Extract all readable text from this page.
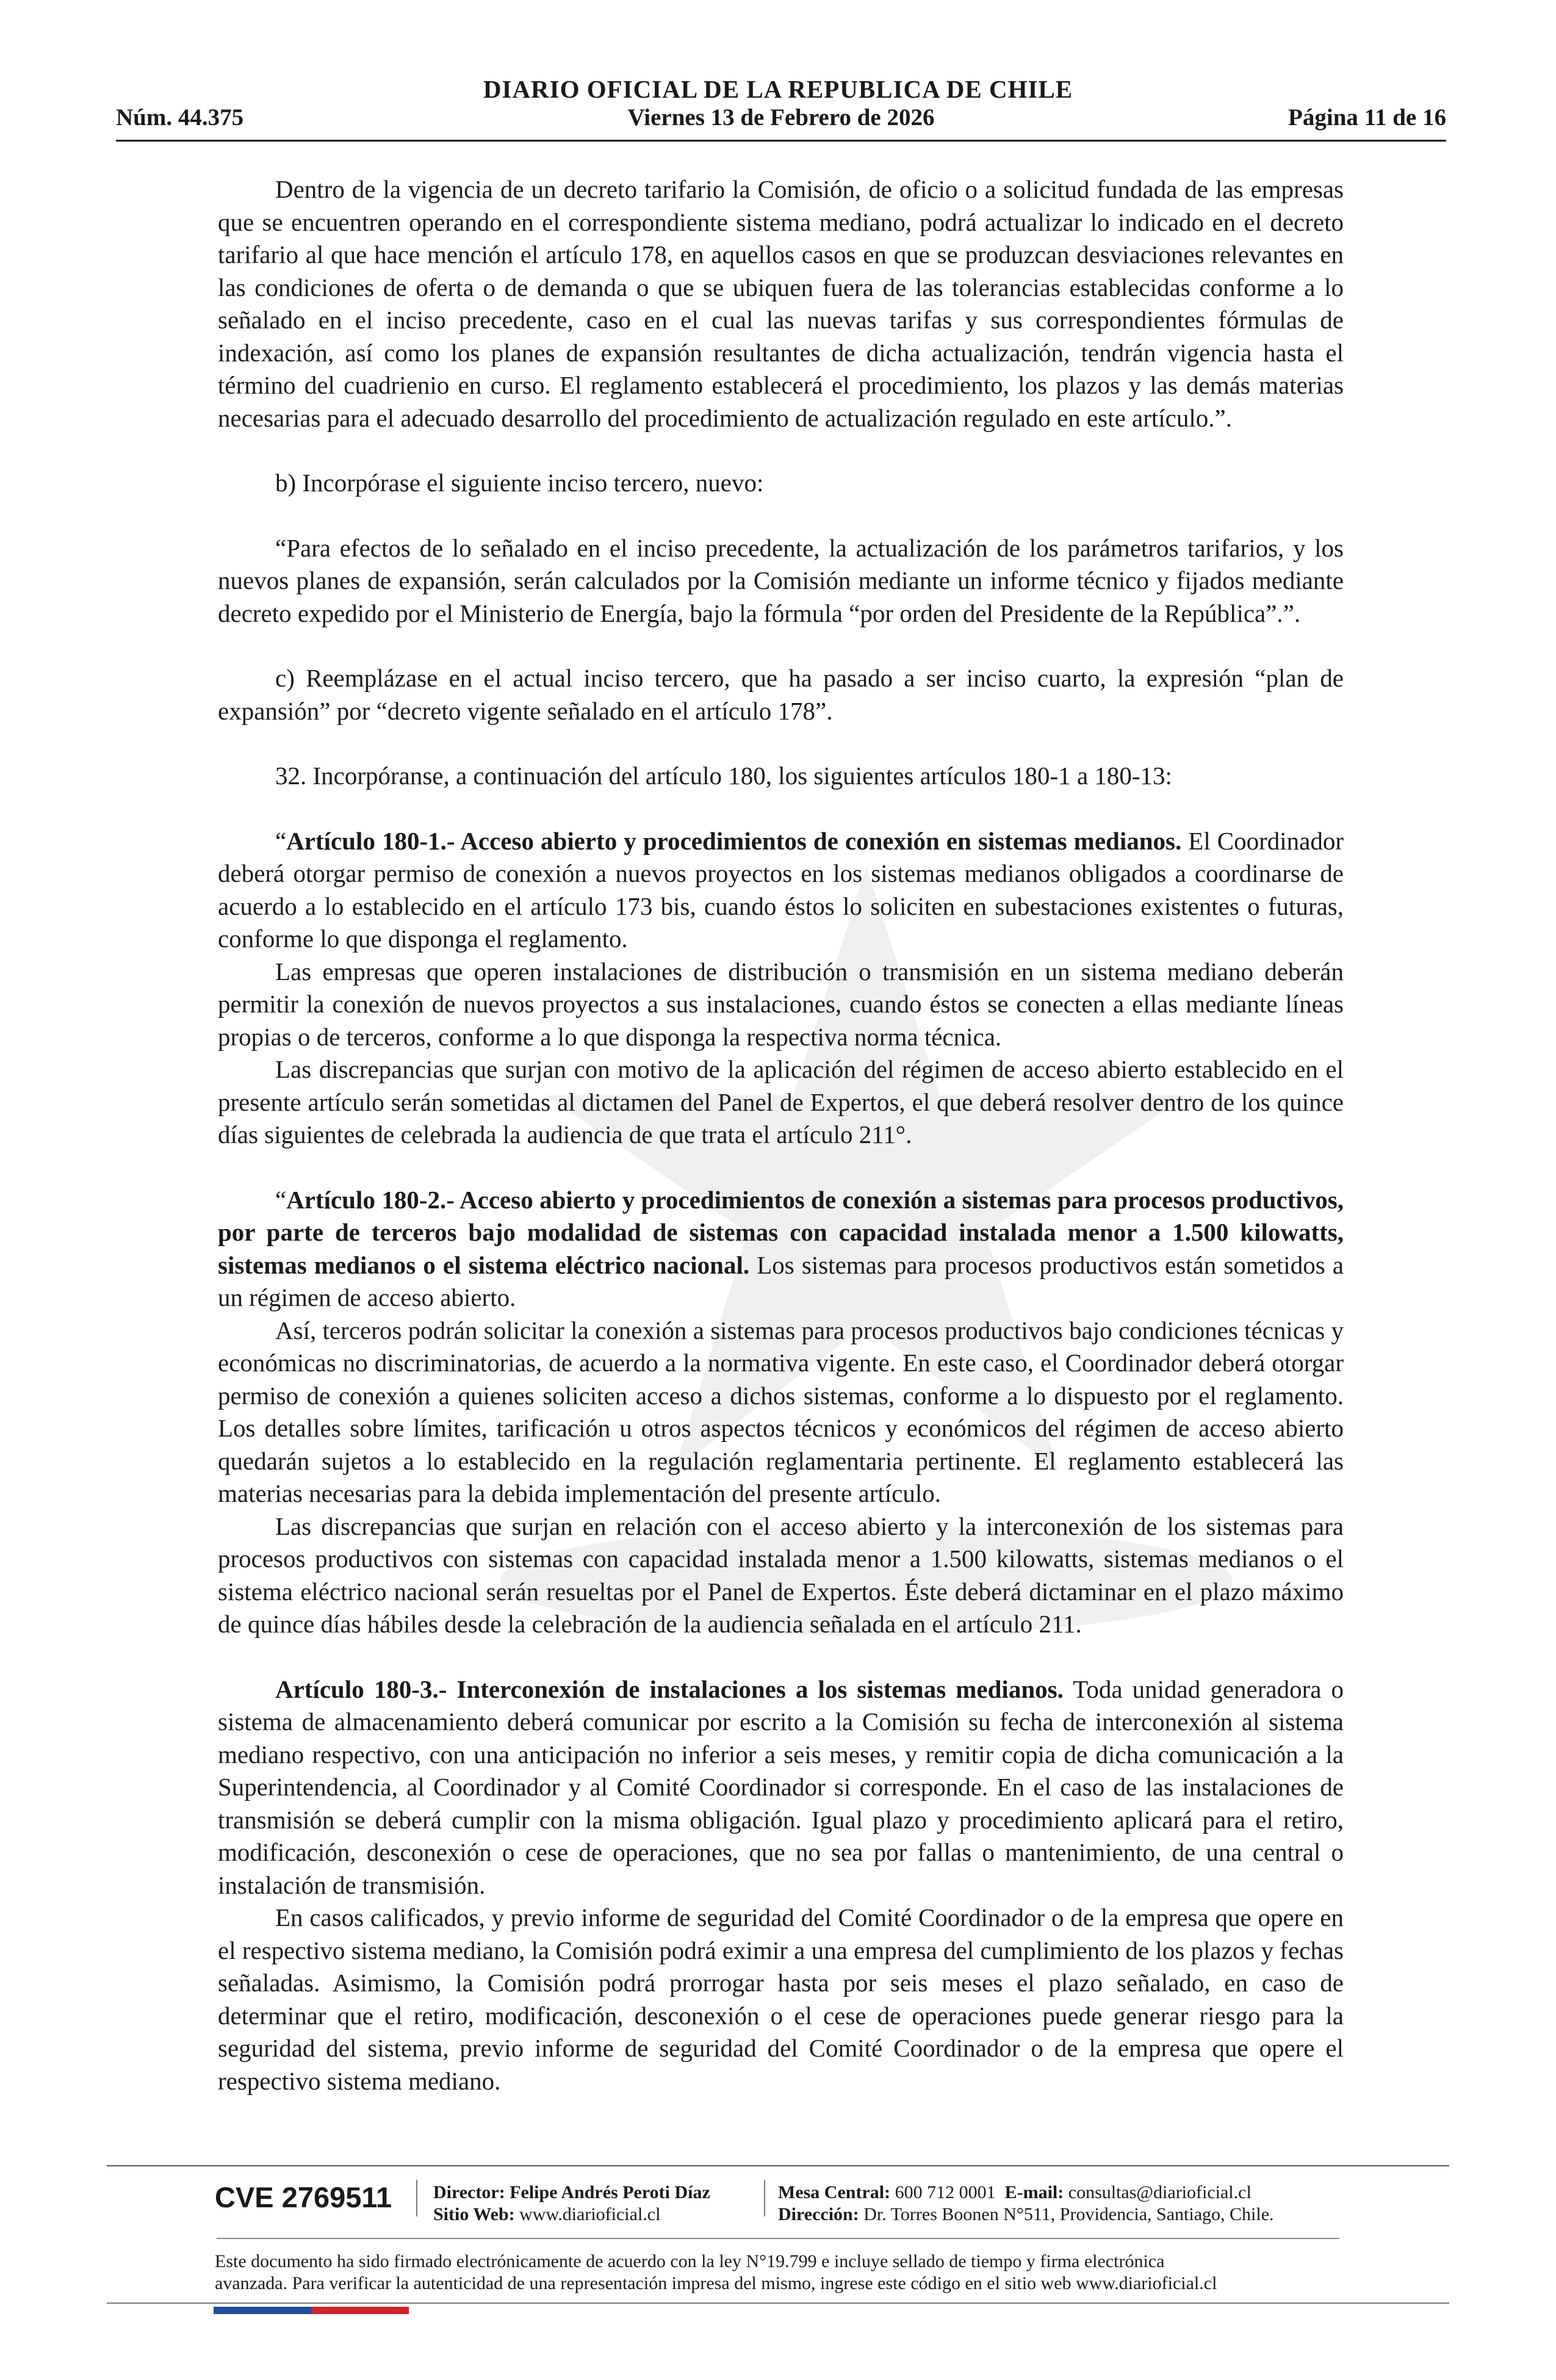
DIARIO OFICIAL DE LA REPUBLICA DE CHILE
Núm. 44.375	Viernes 13 de Febrero de 2026	Página 11 de 16

Dentro de la vigencia de un decreto tarifario la Comisión, de oficio o a solicitud fundada de las empresas que se encuentren operando en el correspondiente sistema mediano, podrá actualizar lo indicado en el decreto tarifario al que hace mención el artículo 178, en aquellos casos en que se produzcan desviaciones relevantes en las condiciones de oferta o de demanda o que se ubiquen fuera de las tolerancias establecidas conforme a lo señalado en el inciso precedente, caso en el cual las nuevas tarifas y sus correspondientes fórmulas de indexación, así como los planes de expansión resultantes de dicha actualización, tendrán vigencia hasta el término del cuadrienio en curso. El reglamento establecerá el procedimiento, los plazos y las demás materias necesarias para el adecuado desarrollo del procedimiento de actualización regulado en este artículo.”.

b) Incorpórase el siguiente inciso tercero, nuevo:

“Para efectos de lo señalado en el inciso precedente, la actualización de los parámetros tarifarios, y los nuevos planes de expansión, serán calculados por la Comisión mediante un informe técnico y fijados mediante decreto expedido por el Ministerio de Energía, bajo la fórmula “por orden del Presidente de la República”.”.

c) Reemplázase en el actual inciso tercero, que ha pasado a ser inciso cuarto, la expresión “plan de expansión” por “decreto vigente señalado en el artículo 178”.

32. Incorpóranse, a continuación del artículo 180, los siguientes artículos 180-1 a 180-13:

“Artículo 180-1.- Acceso abierto y procedimientos de conexión en sistemas medianos. El Coordinador deberá otorgar permiso de conexión a nuevos proyectos en los sistemas medianos obligados a coordinarse de acuerdo a lo establecido en el artículo 173 bis, cuando éstos lo soliciten en subestaciones existentes o futuras, conforme lo que disponga el reglamento.

Las empresas que operen instalaciones de distribución o transmisión en un sistema mediano deberán permitir la conexión de nuevos proyectos a sus instalaciones, cuando éstos se conecten a ellas mediante líneas propias o de terceros, conforme a lo que disponga la respectiva norma técnica.

Las discrepancias que surjan con motivo de la aplicación del régimen de acceso abierto establecido en el presente artículo serán sometidas al dictamen del Panel de Expertos, el que deberá resolver dentro de los quince días siguientes de celebrada la audiencia de que trata el artículo 211°.

“Artículo 180-2.- Acceso abierto y procedimientos de conexión a sistemas para procesos productivos, por parte de terceros bajo modalidad de sistemas con capacidad instalada menor a 1.500 kilowatts, sistemas medianos o el sistema eléctrico nacional. Los sistemas para procesos productivos están sometidos a un régimen de acceso abierto.

Así, terceros podrán solicitar la conexión a sistemas para procesos productivos bajo condiciones técnicas y económicas no discriminatorias, de acuerdo a la normativa vigente. En este caso, el Coordinador deberá otorgar permiso de conexión a quienes soliciten acceso a dichos sistemas, conforme a lo dispuesto por el reglamento. Los detalles sobre límites, tarificación u otros aspectos técnicos y económicos del régimen de acceso abierto quedarán sujetos a lo establecido en la regulación reglamentaria pertinente. El reglamento establecerá las materias necesarias para la debida implementación del presente artículo.

Las discrepancias que surjan en relación con el acceso abierto y la interconexión de los sistemas para procesos productivos con sistemas con capacidad instalada menor a 1.500 kilowatts, sistemas medianos o el sistema eléctrico nacional serán resueltas por el Panel de Expertos. Éste deberá dictaminar en el plazo máximo de quince días hábiles desde la celebración de la audiencia señalada en el artículo 211.

Artículo 180-3.- Interconexión de instalaciones a los sistemas medianos. Toda unidad generadora o sistema de almacenamiento deberá comunicar por escrito a la Comisión su fecha de interconexión al sistema mediano respectivo, con una anticipación no inferior a seis meses, y remitir copia de dicha comunicación a la Superintendencia, al Coordinador y al Comité Coordinador si corresponde. En el caso de las instalaciones de transmisión se deberá cumplir con la misma obligación. Igual plazo y procedimiento aplicará para el retiro, modificación, desconexión o cese de operaciones, que no sea por fallas o mantenimiento, de una central o instalación de transmisión.

En casos calificados, y previo informe de seguridad del Comité Coordinador o de la empresa que opere en el respectivo sistema mediano, la Comisión podrá eximir a una empresa del cumplimiento de los plazos y fechas señaladas. Asimismo, la Comisión podrá prorrogar hasta por seis meses el plazo señalado, en caso de determinar que el retiro, modificación, desconexión o el cese de operaciones puede generar riesgo para la seguridad del sistema, previo informe de seguridad del Comité Coordinador o de la empresa que opere el respectivo sistema mediano.

CVE 2769511 Director: Felipe Andrés Peroti Díaz
Sitio Web: www.diarioficial.cl
Mesa Central: 600 712 0001 E-mail: consultas@diarioficial.cl
Dirección: Dr. Torres Boonen N°511, Providencia, Santiago, Chile.
Este documento ha sido firmado electrónicamente de acuerdo con la ley N°19.799 e incluye sellado de tiempo y firma electrónica
avanzada. Para verificar la autenticidad de una representación impresa del mismo, ingrese este código en el sitio web www.diarioficial.cl
